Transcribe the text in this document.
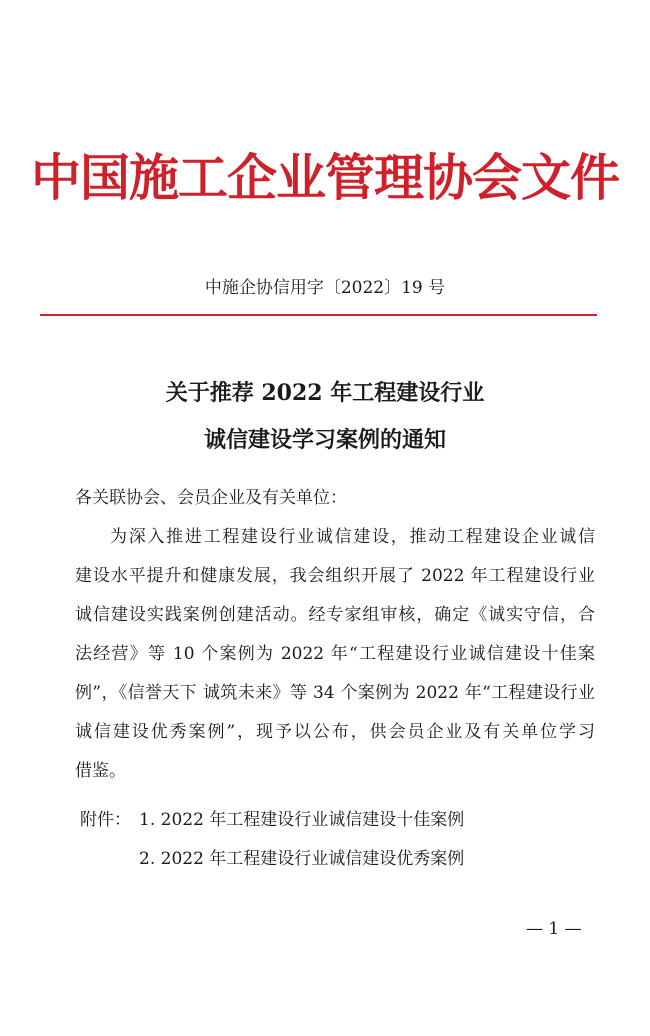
中国施工企业管理协会文件
中施企协信用字〔2022〕19 号
关于推荐 2022 年工程建设行业
诚信建设学习案例的通知
各关联协会、会员企业及有关单位：
为深入推进工程建设行业诚信建设，推动工程建设企业诚信
建设水平提升和健康发展，我会组织开展了 2022 年工程建设行业
诚信建设实践案例创建活动。经专家组审核，确定《诚实守信，合
法经营》等 10 个案例为 2022 年“工程建设行业诚信建设十佳案
例”，《信誉天下 诚筑未来》等 34 个案例为 2022 年“工程建设行业
诚信建设优秀案例”，现予以公布，供会员企业及有关单位学习
借鉴。
附件： 1. 2022 年工程建设行业诚信建设十佳案例
2. 2022 年工程建设行业诚信建设优秀案例
— 1 —
